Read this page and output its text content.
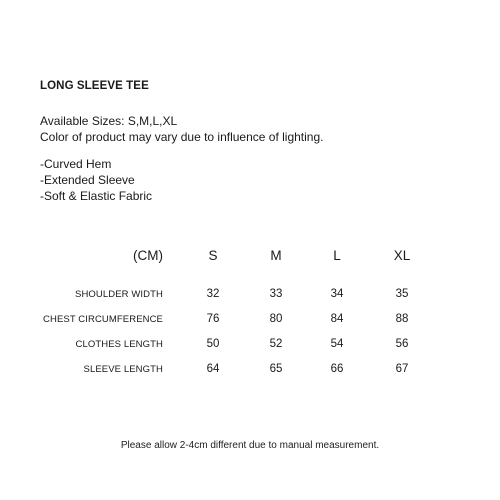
LONG SLEEVE TEE
Available Sizes: S,M,L,XL
Color of product may vary due to influence of lighting.
-Curved Hem
-Extended Sleeve
-Soft & Elastic Fabric
(CM)	S	M	L	XL
SHOULDER WIDTH	32	33	34	35
CHEST CIRCUMFERENCE	76	80	84	88
CLOTHES LENGTH	50	52	54	56
SLEEVE LENGTH	64	65	66	67
Please allow 2-4cm different due to manual measurement.
